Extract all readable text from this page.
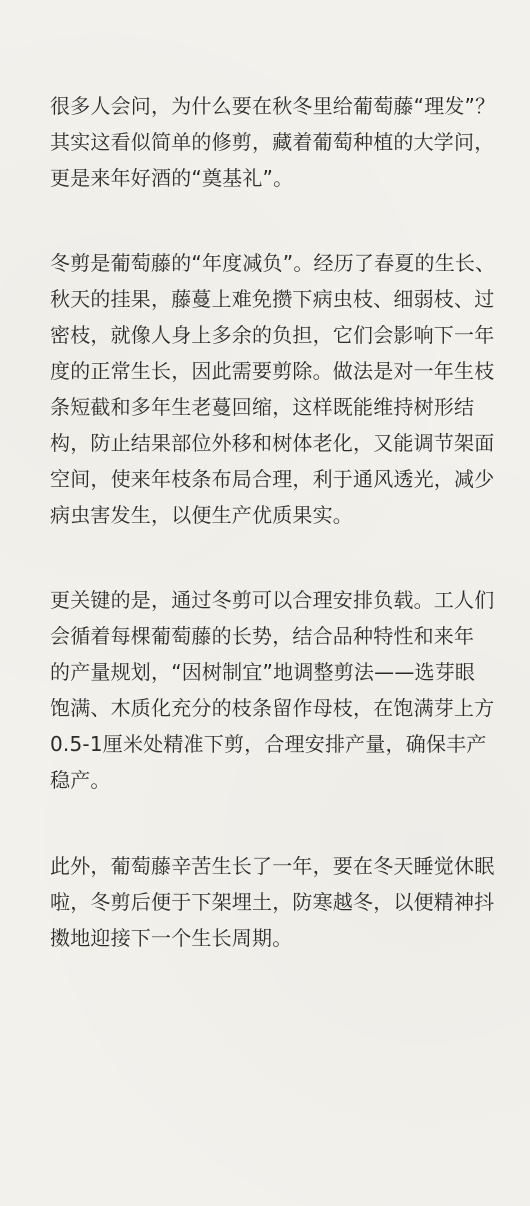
很多人会问，为什么要在秋冬里给葡萄藤“理发”？
其实这看似简单的修剪，藏着葡萄种植的大学问，
更是来年好酒的“奠基礼”。

冬剪是葡萄藤的“年度减负”。经历了春夏的生长、
秋天的挂果，藤蔓上难免攒下病虫枝、细弱枝、过
密枝，就像人身上多余的负担，它们会影响下一年
度的正常生长，因此需要剪除。做法是对一年生枝
条短截和多年生老蔓回缩，这样既能维持树形结
构，防止结果部位外移和树体老化，又能调节架面
空间，使来年枝条布局合理，利于通风透光，减少
病虫害发生，以便生产优质果实。

更关键的是，通过冬剪可以合理安排负载。工人们
会循着每棵葡萄藤的长势，结合品种特性和来年
的产量规划，“因树制宜”地调整剪法——选芽眼
饱满、木质化充分的枝条留作母枝，在饱满芽上方
0.5-1厘米处精准下剪，合理安排产量，确保丰产
稳产。

此外，葡萄藤辛苦生长了一年，要在冬天睡觉休眠
啦，冬剪后便于下架埋土，防寒越冬，以便精神抖
擞地迎接下一个生长周期。
